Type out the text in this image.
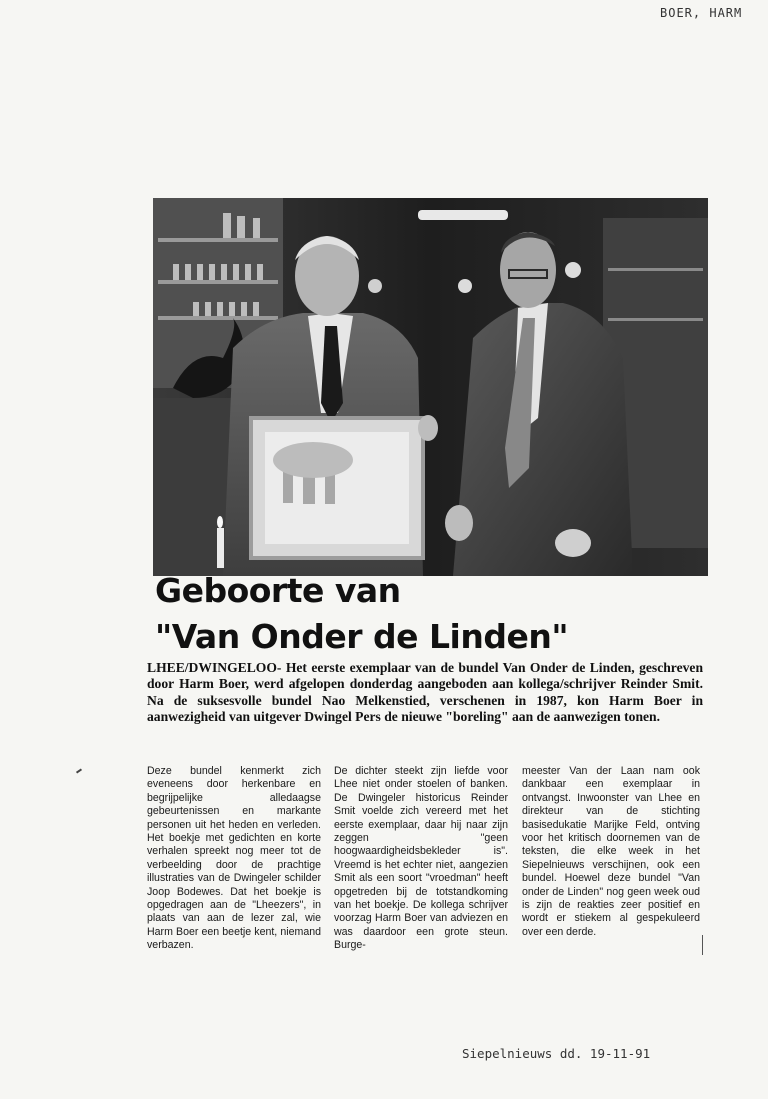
BOER, HARM
Geboorte van
"Van Onder de Linden"
LHEE/DWINGELOO- Het eerste exemplaar van de bundel Van Onder de Linden, geschreven door Harm Boer, werd afgelopen donderdag aangeboden aan kollega/schrijver Reinder Smit. Na de suksesvolle bundel Nao Melkenstied, verschenen in 1987, kon Harm Boer in aanwezigheid van uitgever Dwingel Pers de nieuwe "boreling" aan de aanwezigen tonen.
Deze bundel kenmerkt zich eveneens door herkenbare en begrijpelijke alledaagse gebeurtenissen en markante personen uit het heden en verleden. Het boekje met gedichten en korte verhalen spreekt nog meer tot de verbeelding door de prachtige illustraties van de Dwingeler schilder Joop Bodewes. Dat het boekje is opgedragen aan de "Lheezers", in plaats van aan de lezer zal, wie Harm Boer een beetje kent, niemand verbazen.
De dichter steekt zijn liefde voor Lhee niet onder stoelen of banken. De Dwingeler historicus Reinder Smit voelde zich vereerd met het eerste exemplaar, daar hij naar zijn zeggen "geen hoogwaardigheidsbekleder is". Vreemd is het echter niet, aangezien Smit als een soort "vroedman" heeft opgetreden bij de totstandkoming van het boekje. De kollega schrijver voorzag Harm Boer van adviezen en was daardoor een grote steun. Burge-
meester Van der Laan nam ook dankbaar een exemplaar in ontvangst. Inwoonster van Lhee en direkteur van de stichting basisedukatie Marijke Feld, ontving voor het kritisch doornemen van de teksten, die elke week in het Siepelnieuws verschijnen, ook een bundel. Hoewel deze bundel "Van onder de Linden" nog geen week oud is zijn de reakties zeer positief en wordt er stiekem al gespekuleerd over een derde.
Siepelnieuws dd. 19-11-91
